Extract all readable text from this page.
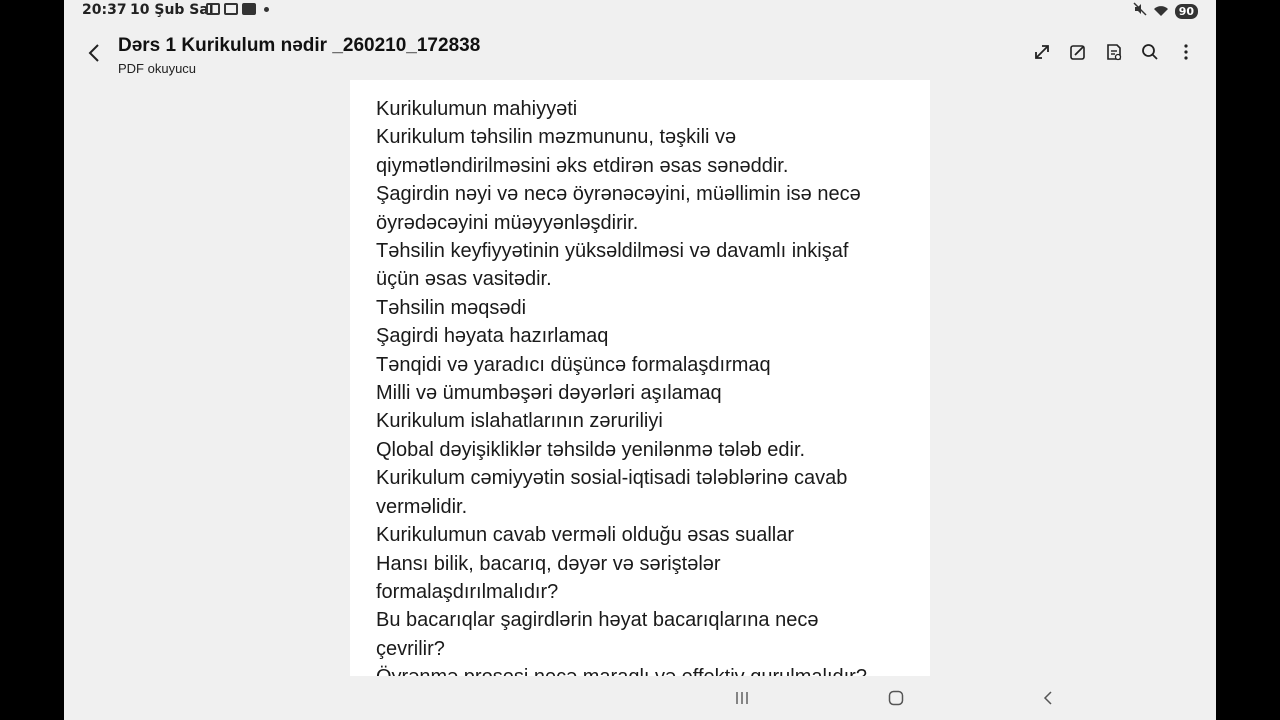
20:37 10 Şub Sal	90
Dərs 1 Kurikulum nədir _260210_172838
PDF okuyucu
Kurikulumun mahiyyəti
Kurikulum təhsilin məzmununu, təşkili və
qiymətləndirilməsini əks etdirən əsas sənəddir.
Şagirdin nəyi və necə öyrənəcəyini, müəllimin isə necə
öyrədəcəyini müəyyənləşdirir.
Təhsilin keyfiyyətinin yüksəldilməsi və davamlı inkişaf
üçün əsas vasitədir.
Təhsilin məqsədi
Şagirdi həyata hazırlamaq
Tənqidi və yaradıcı düşüncə formalaşdırmaq
Milli və ümumbəşəri dəyərləri aşılamaq
Kurikulum islahatlarının zəruriliyi
Qlobal dəyişikliklər təhsildə yenilənmə tələb edir.
Kurikulum cəmiyyətin sosial-iqtisadi tələblərinə cavab
verməlidir.
Kurikulumun cavab verməli olduğu əsas suallar
Hansı bilik, bacarıq, dəyər və səriştələr
formalaşdırılmalıdır?
Bu bacarıqlar şagirdlərin həyat bacarıqlarına necə
çevrilir?
